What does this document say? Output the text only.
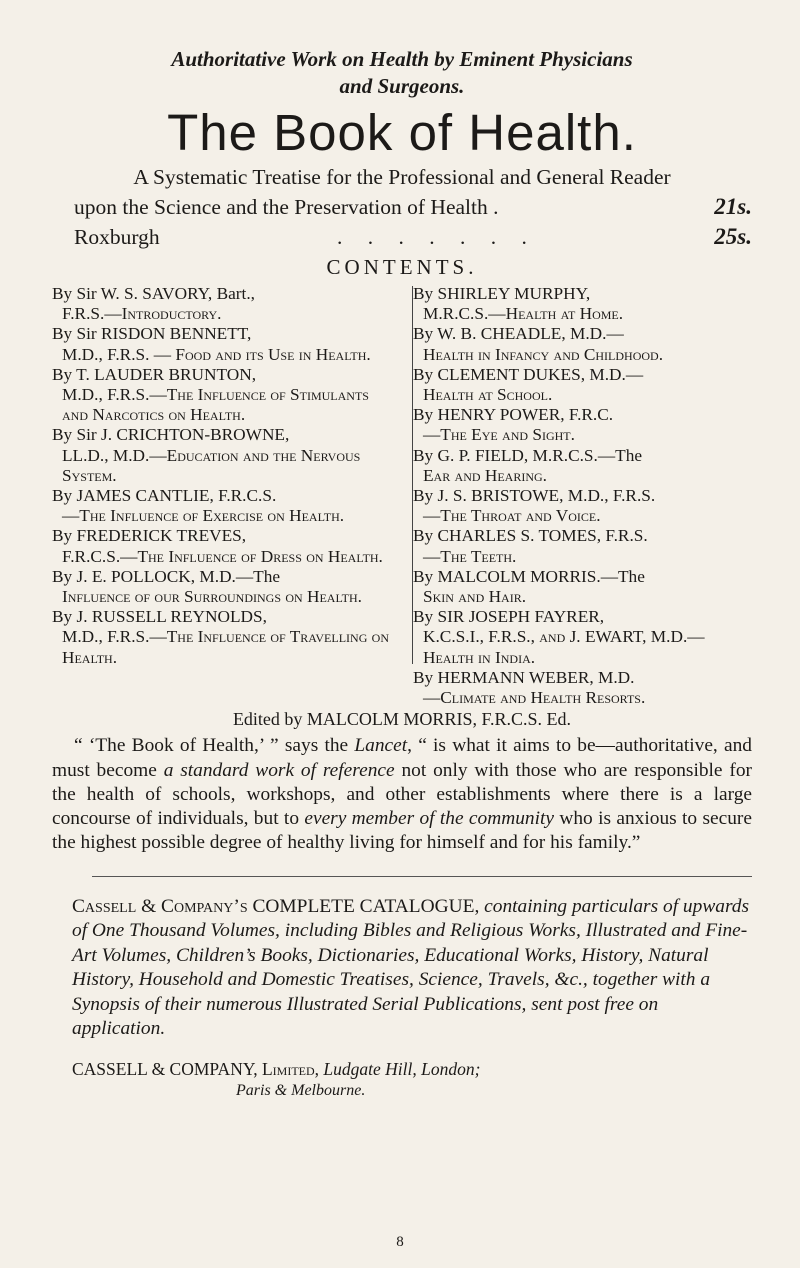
Authoritative Work on Health by Eminent Physicians
and Surgeons.
The Book of Health.
A Systematic Treatise for the Professional and General Reader
upon the Science and the Preservation of Health .	21s.
Roxburgh	. . . . . . .	25s.
CONTENTS.
By Sir W. S. SAVORY, Bart.,
F.R.S.—Introductory.
By Sir RISDON BENNETT,
M.D., F.R.S. — Food and its Use in Health.
By T. LAUDER BRUNTON,
M.D., F.R.S.—The Influence of Stimulants and Narcotics on Health.
By Sir J. CRICHTON-BROWNE,
LL.D., M.D.—Education and the Nervous System.
By JAMES CANTLIE, F.R.C.S.
—The Influence of Exercise on Health.
By FREDERICK TREVES,
F.R.C.S.—The Influence of Dress on Health.
By J. E. POLLOCK, M.D.—The
Influence of our Surroundings on Health.
By J. RUSSELL REYNOLDS,
M.D., F.R.S.—The Influence of Travelling on Health.
By SHIRLEY MURPHY,
M.R.C.S.—Health at Home.
By W. B. CHEADLE, M.D.—
Health in Infancy and Childhood.
By CLEMENT DUKES, M.D.—
Health at School.
By HENRY POWER, F.R.C.
—The Eye and Sight.
By G. P. FIELD, M.R.C.S.—The
Ear and Hearing.
By J. S. BRISTOWE, M.D., F.R.S.
—The Throat and Voice.
By CHARLES S. TOMES, F.R.S.
—The Teeth.
By MALCOLM MORRIS.—The
Skin and Hair.
By SIR JOSEPH FAYRER,
K.C.S.I., F.R.S., and J. EWART, M.D.—Health in India.
By HERMANN WEBER, M.D.
—Climate and Health Resorts.
Edited by MALCOLM MORRIS, F.R.C.S. Ed.

“ ‘The Book of Health,’ ” says the Lancet, “ is what it aims to be—authoritative, and must become a standard work of reference not only with those who are responsible for the health of schools, workshops, and other establishments where there is a large concourse of individuals, but to every member of the community who is anxious to secure the highest possible degree of healthy living for himself and for his family.”

Cassell & Company’s COMPLETE CATALOGUE, containing particulars of upwards of One Thousand Volumes, including Bibles and Religious Works, Illustrated and Fine-Art Volumes, Children’s Books, Dictionaries, Educational Works, History, Natural History, Household and Domestic Treatises, Science, Travels, &c., together with a Synopsis of their numerous Illustrated Serial Publications, sent post free on application.
CASSELL & COMPANY, Limited, Ludgate Hill, London;
Paris & Melbourne.
8
